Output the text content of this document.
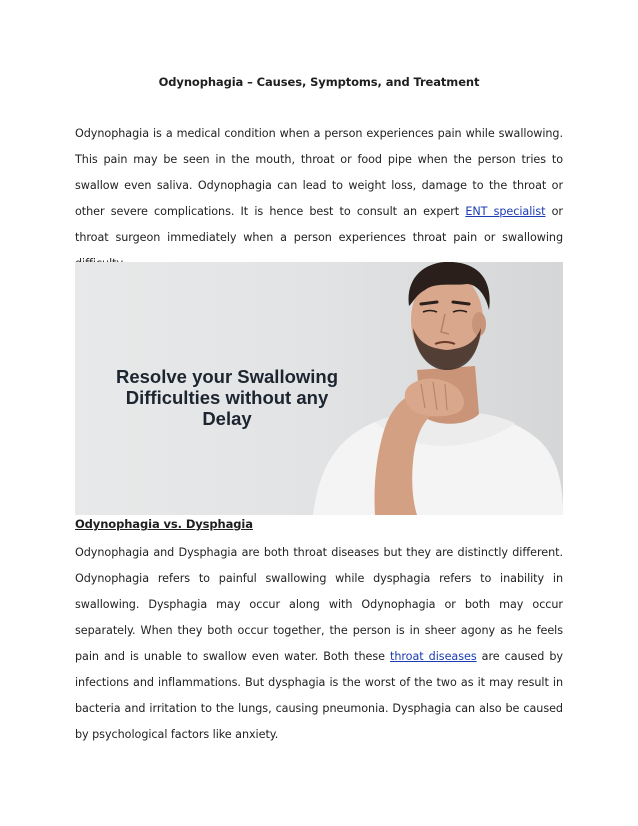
Odynophagia – Causes, Symptoms, and Treatment

Odynophagia is a medical condition when a person experiences pain while swallowing. This pain may be seen in the mouth, throat or food pipe when the person tries to swallow even saliva. Odynophagia can lead to weight loss, damage to the throat or other severe complications. It is hence best to consult an expert ENT specialist or throat surgeon immediately when a person experiences throat pain or swallowing

Resolve your Swallowing Difficulties without any Delay
Odynophagia vs. Dysphagia

Odynophagia and Dysphagia are both throat diseases but they are distinctly different. Odynophagia refers to painful swallowing while dysphagia refers to inability in swallowing. Dysphagia may occur along with Odynophagia or both may occur separately. When they both occur together, the person is in sheer agony as he feels pain and is unable to swallow even water. Both these throat diseases are caused by infections and inflammations. But dysphagia is the worst of the two as it may result in bacteria and irritation to the lungs, causing pneumonia. Dysphagia can also be caused by psychological factors like anxiety.
